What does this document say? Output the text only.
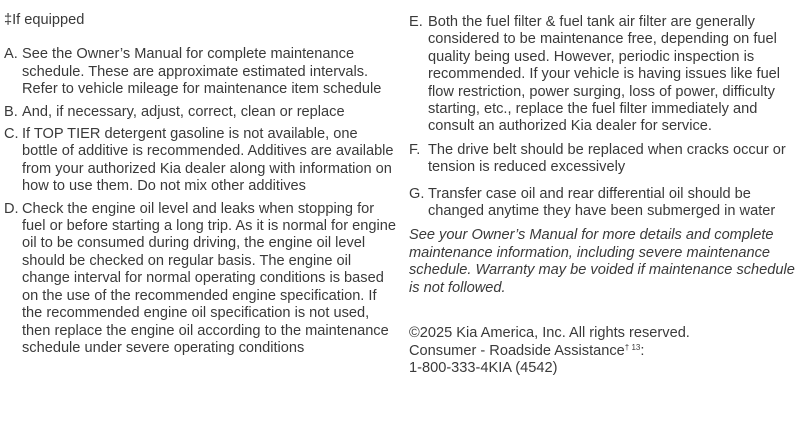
‡If equipped
A. See the Owner’s Manual for complete maintenance schedule. These are approximate estimated intervals. Refer to vehicle mileage for maintenance item schedule
B. And, if necessary, adjust, correct, clean or replace
C. If TOP TIER detergent gasoline is not available, one bottle of additive is recommended. Additives are available from your authorized Kia dealer along with information on how to use them. Do not mix other additives
D. Check the engine oil level and leaks when stopping for fuel or before starting a long trip. As it is normal for engine oil to be consumed during driving, the engine oil level should be checked on regular basis. The engine oil change interval for normal operating conditions is based on the use of the recommended engine specification. If the recommended engine oil specification is not used, then replace the engine oil according to the maintenance schedule under severe operating conditions
E. Both the fuel filter & fuel tank air filter are generally considered to be maintenance free, depending on fuel quality being used. However, periodic inspection is recommended. If your vehicle is having issues like fuel flow restriction, power surging, loss of power, difficulty starting, etc., replace the fuel filter immediately and consult an authorized Kia dealer for service.
F. The drive belt should be replaced when cracks occur or tension is reduced excessively
G. Transfer case oil and rear differential oil should be changed anytime they have been submerged in water
See your Owner’s Manual for more details and complete maintenance information, including severe maintenance schedule. Warranty may be voided if maintenance schedule is not followed.
©2025 Kia America, Inc. All rights reserved.
Consumer - Roadside Assistance$^{\dagger 13}$:
1-800-333-4KIA (4542)
